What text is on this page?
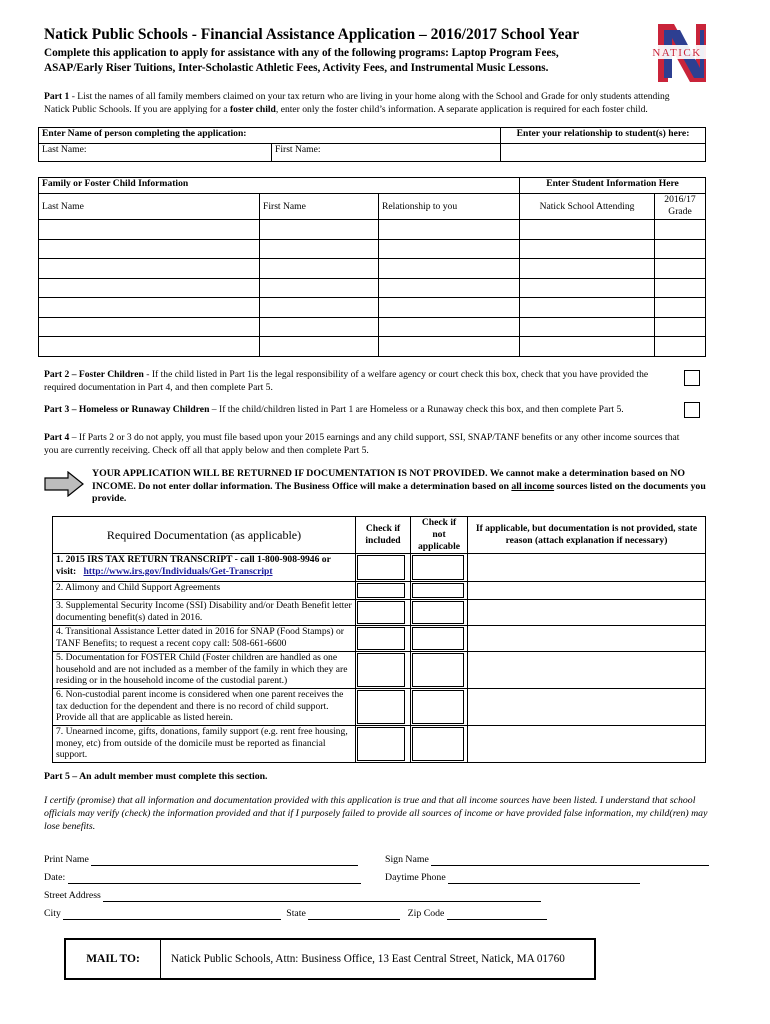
Natick Public Schools - Financial Assistance Application – 2016/2017 School Year
Complete this application to apply for assistance with any of the following programs: Laptop Program Fees, ASAP/Early Riser Tuitions, Inter-Scholastic Athletic Fees, Activity Fees, and Instrumental Music Lessons.
NATICK
Part 1 - List the names of all family members claimed on your tax return who are living in your home along with the School and Grade for only students attending Natick Public Schools. If you are applying for a foster child, enter only the foster child’s information. A separate application is required for each foster child.
Enter Name of person completing the application:		Enter your relationship to student(s) here:
Last Name:	First Name:	
Family or Foster Child Information			Enter Student Information Here	
Last Name	First Name	Relationship to you	Natick School Attending	2016/17
Grade

Part 2 – Foster Children - If the child listed in Part 1is the legal responsibility of a welfare agency or court check this box, check that you have provided the required documentation in Part 4, and then complete Part 5.
Part 3 – Homeless or Runaway Children – If the child/children listed in Part 1 are Homeless or a Runaway check this box, and then complete Part 5.
Part 4 – If Parts 2 or 3 do not apply, you must file based upon your 2015 earnings and any child support, SSI, SNAP/TANF benefits or any other income sources that you are currently receiving. Check off all that apply below and then complete Part 5.
YOUR APPLICATION WILL BE RETURNED IF DOCUMENTATION IS NOT PROVIDED. We cannot make a determination based on NO INCOME. Do not enter dollar information. The Business Office will make a determination based on all income sources listed on the documents you provide.
Required Documentation (as applicable)	Check if included	Check if not applicable	If applicable, but documentation is not provided, state reason (attach explanation if necessary)
1. 2015 IRS TAX RETURN TRANSCRIPT - call 1-800-908-9946 or visit: http://www.irs.gov/Individuals/Get-Transcript	

2. Alimony and Child Support Agreements	

3. Supplemental Security Income (SSI) Disability and/or Death Benefit letter documenting benefit(s) dated in 2016.	

4. Transitional Assistance Letter dated in 2016 for SNAP (Food Stamps) or TANF Benefits; to request a recent copy call: 508-661-6600	

5. Documentation for FOSTER Child (Foster children are handled as one household and are not included as a member of the family in which they are residing or in the household income of the custodial parent.)	

6. Non-custodial parent income is considered when one parent receives the tax deduction for the dependent and there is no record of child support. Provide all that are applicable as listed herein.	

7. Unearned income, gifts, donations, family support (e.g. rent free housing, money, etc) from outside of the domicile must be reported as financial support.	

Part 5 – An adult member must complete this section.
I certify (promise) that all information and documentation provided with this application is true and that all income sources have been listed. I understand that school officials may verify (check) the information provided and that if I purposely failed to provide all sources of income or have provided false information, my child(ren) may lose benefits.
Print Name	Sign Name
Date:	Daytime Phone
Street Address
City	State	Zip Code
MAIL TO:	Natick Public Schools, Attn: Business Office, 13 East Central Street, Natick, MA 01760
